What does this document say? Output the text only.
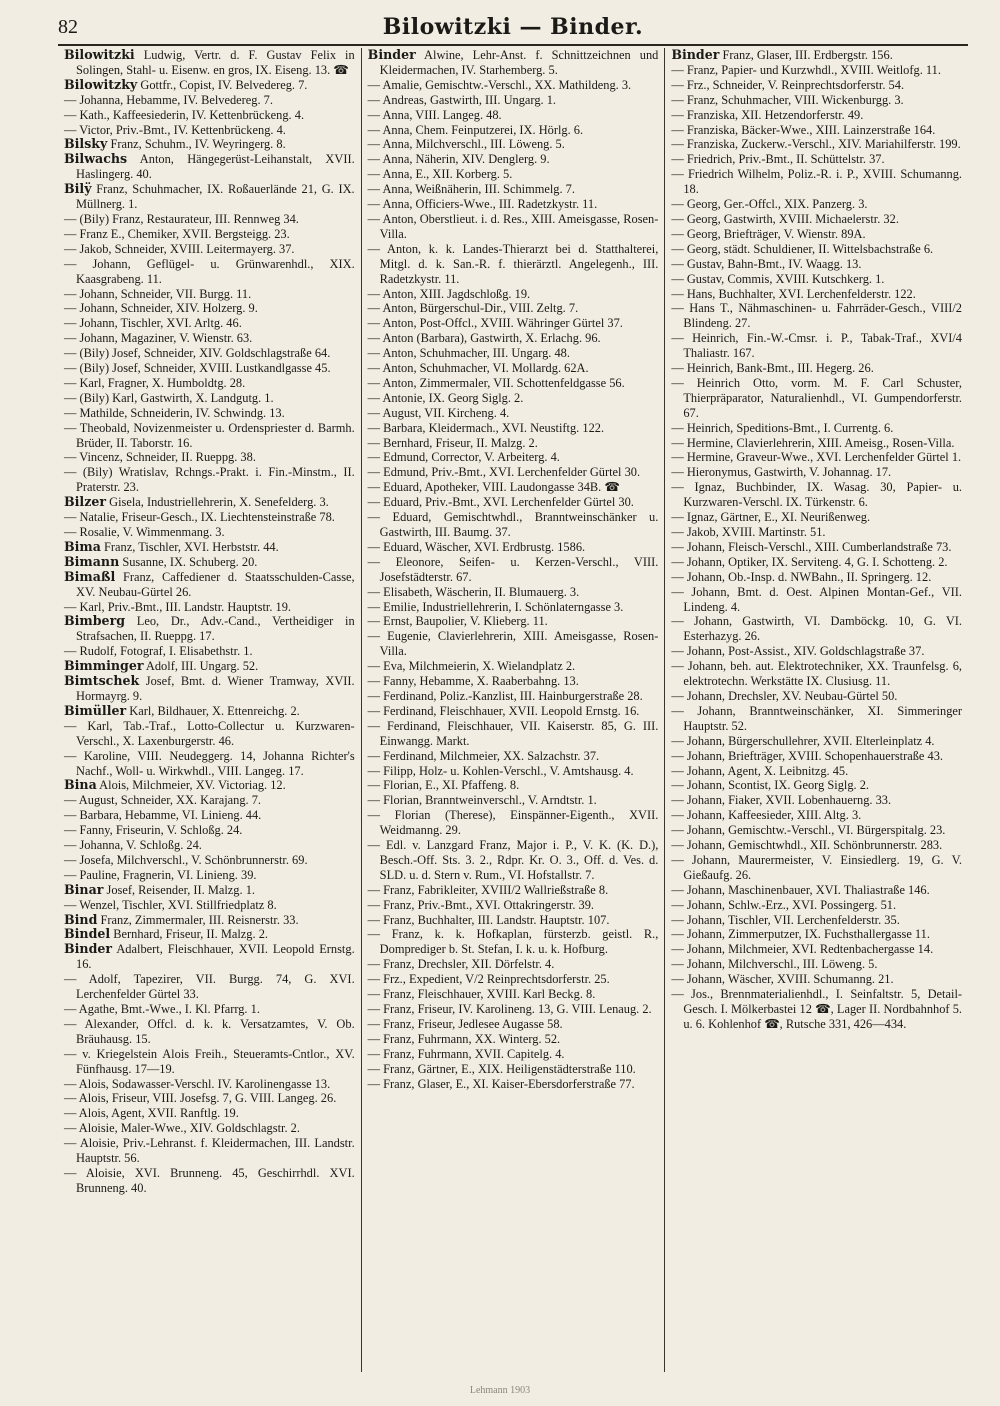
82	Bilowitzki — Binder.
Bilowitzki Ludwig, Vertr. d. F. Gustav Felix in Solingen, Stahl- u. Eisenw. en gros, IX. Eiseng. 13. ☎
Bilowitzky Gottfr., Copist, IV. Belvedereg. 7.
— Johanna, Hebamme, IV. Belvedereg. 7.
— Kath., Kaffeesiederin, IV. Kettenbrückeng. 4.
— Victor, Priv.-Bmt., IV. Kettenbrückeng. 4.
Bilsky Franz, Schuhm., IV. Weyringerg. 8.
Bilwachs Anton, Hängegerüst-Leihanstalt, XVII. Haslingerg. 40.
Bilÿ Franz, Schuhmacher, IX. Roßauerlände 21, G. IX. Müllnerg. 1.
— (Bily) Franz, Restaurateur, III. Rennweg 34.
— Franz E., Chemiker, XVII. Bergsteigg. 23.
— Jakob, Schneider, XVIII. Leitermayerg. 37.
— Johann, Geflügel- u. Grünwarenhdl., XIX. Kaasgrabeng. 11.
— Johann, Schneider, VII. Burgg. 11.
— Johann, Schneider, XIV. Holzerg. 9.
— Johann, Tischler, XVI. Arltg. 46.
— Johann, Magaziner, V. Wienstr. 63.
— (Bily) Josef, Schneider, XIV. Goldschlagstraße 64.
— (Bily) Josef, Schneider, XVIII. Lustkandlgasse 45.
— Karl, Fragner, X. Humboldtg. 28.
— (Bily) Karl, Gastwirth, X. Landgutg. 1.
— Mathilde, Schneiderin, IV. Schwindg. 13.
— Theobald, Novizenmeister u. Ordenspriester d. Barmh. Brüder, II. Taborstr. 16.
— Vincenz, Schneider, II. Rueppg. 38.
— (Bily) Wratislav, Rchngs.-Prakt. i. Fin.-Minstm., II. Praterstr. 23.
Bilzer Gisela, Industriellehrerin, X. Senefelderg. 3.
— Natalie, Friseur-Gesch., IX. Liechtensteinstraße 78.
— Rosalie, V. Wimmenmang. 3.
Bima Franz, Tischler, XVI. Herbststr. 44.
Bimann Susanne, IX. Schuberg. 20.
Bimaßl Franz, Caffediener d. Staatsschulden-Casse, XV. Neubau-Gürtel 26.
— Karl, Priv.-Bmt., III. Landstr. Hauptstr. 19.
Bimberg Leo, Dr., Adv.-Cand., Vertheidiger in Strafsachen, II. Rueppg. 17.
— Rudolf, Fotograf, I. Elisabethstr. 1.
Bimminger Adolf, III. Ungarg. 52.
Bimtschek Josef, Bmt. d. Wiener Tramway, XVII. Hormayrg. 9.
Bimüller Karl, Bildhauer, X. Ettenreichg. 2.
— Karl, Tab.-Traf., Lotto-Collectur u. Kurzwaren-Verschl., X. Laxenburgerstr. 46.
— Karoline, VIII. Neudeggerg. 14, Johanna Richter's Nachf., Woll- u. Wirkwhdl., VIII. Langeg. 17.
Bina Alois, Milchmeier, XV. Victoriag. 12.
— August, Schneider, XX. Karajang. 7.
— Barbara, Hebamme, VI. Linieng. 44.
— Fanny, Friseurin, V. Schloßg. 24.
— Johanna, V. Schloßg. 24.
— Josefa, Milchverschl., V. Schönbrunnerstr. 69.
— Pauline, Fragnerin, VI. Linieng. 39.
Binar Josef, Reisender, II. Malzg. 1.
— Wenzel, Tischler, XVI. Stillfriedplatz 8.
Bind Franz, Zimmermaler, III. Reisnerstr. 33.
Bindel Bernhard, Friseur, II. Malzg. 2.
Binder Adalbert, Fleischhauer, XVII. Leopold Ernstg. 16.
— Adolf, Tapezirer, VII. Burgg. 74, G. XVI. Lerchenfelder Gürtel 33.
— Agathe, Bmt.-Wwe., I. Kl. Pfarrg. 1.
— Alexander, Offcl. d. k. k. Versatzamtes, V. Ob. Bräuhausg. 15.
— v. Kriegelstein Alois Freih., Steueramts-Cntlor., XV. Fünfhausg. 17—19.
— Alois, Sodawasser-Verschl. IV. Karolinengasse 13.
— Alois, Friseur, VIII. Josefsg. 7, G. VIII. Langeg. 26.
— Alois, Agent, XVII. Ranftlg. 19.
— Aloisie, Maler-Wwe., XIV. Goldschlagstr. 2.
— Aloisie, Priv.-Lehranst. f. Kleidermachen, III. Landstr. Hauptstr. 56.
— Aloisie, XVI. Brunneng. 45, Geschirrhdl. XVI. Brunneng. 40.
Binder Alwine, Lehr-Anst. f. Schnittzeichnen und Kleidermachen, IV. Starhemberg. 5.
— Amalie, Gemischtw.-Verschl., XX. Mathildeng. 3.
— Andreas, Gastwirth, III. Ungarg. 1.
— Anna, VIII. Langeg. 48.
— Anna, Chem. Feinputzerei, IX. Hörlg. 6.
— Anna, Milchverschl., III. Löweng. 5.
— Anna, Näherin, XIV. Denglerg. 9.
— Anna, E., XII. Korberg. 5.
— Anna, Weißnäherin, III. Schimmelg. 7.
— Anna, Officiers-Wwe., III. Radetzkystr. 11.
— Anton, Oberstlieut. i. d. Res., XIII. Ameisgasse, Rosen-Villa.
— Anton, k. k. Landes-Thierarzt bei d. Statthalterei, Mitgl. d. k. San.-R. f. thierärztl. Angelegenh., III. Radetzkystr. 11.
— Anton, XIII. Jagdschloßg. 19.
— Anton, Bürgerschul-Dir., VIII. Zeltg. 7.
— Anton, Post-Offcl., XVIII. Währinger Gürtel 37.
— Anton (Barbara), Gastwirth, X. Erlachg. 96.
— Anton, Schuhmacher, III. Ungarg. 48.
— Anton, Schuhmacher, VI. Mollardg. 62A.
— Anton, Zimmermaler, VII. Schottenfeldgasse 56.
— Antonie, IX. Georg Siglg. 2.
— August, VII. Kircheng. 4.
— Barbara, Kleidermach., XVI. Neustiftg. 122.
— Bernhard, Friseur, II. Malzg. 2.
— Edmund, Corrector, V. Arbeiterg. 4.
— Edmund, Priv.-Bmt., XVI. Lerchenfelder Gürtel 30.
— Eduard, Apotheker, VIII. Laudongasse 34B. ☎
— Eduard, Priv.-Bmt., XVI. Lerchenfelder Gürtel 30.
— Eduard, Gemischtwhdl., Branntweinschänker u. Gastwirth, III. Baumg. 37.
— Eduard, Wäscher, XVI. Erdbrustg. 1586.
— Eleonore, Seifen- u. Kerzen-Verschl., VIII. Josefstädterstr. 67.
— Elisabeth, Wäscherin, II. Blumauerg. 3.
— Emilie, Industriellehrerin, I. Schönlaterngasse 3.
— Ernst, Baupolier, V. Klieberg. 11.
— Eugenie, Clavierlehrerin, XIII. Ameisgasse, Rosen-Villa.
— Eva, Milchmeierin, X. Wielandplatz 2.
— Fanny, Hebamme, X. Raaberbahng. 13.
— Ferdinand, Poliz.-Kanzlist, III. Hainburgerstraße 28.
— Ferdinand, Fleischhauer, XVII. Leopold Ernstg. 16.
— Ferdinand, Fleischhauer, VII. Kaiserstr. 85, G. III. Einwangg. Markt.
— Ferdinand, Milchmeier, XX. Salzachstr. 37.
— Filipp, Holz- u. Kohlen-Verschl., V. Amtshausg. 4.
— Florian, E., XI. Pfaffeng. 8.
— Florian, Branntweinverschl., V. Arndtstr. 1.
— Florian (Therese), Einspänner-Eigenth., XVII. Weidmanng. 29.
— Edl. v. Lanzgard Franz, Major i. P., V. K. (K. D.), Besch.-Off. Sts. 3. 2., Rdpr. Kr. O. 3., Off. d. Ves. d. SLD. u. d. Stern v. Rum., VI. Hofstallstr. 7.
— Franz, Fabrikleiter, XVIII/2 Wallrießstraße 8.
— Franz, Priv.-Bmt., XVI. Ottakringerstr. 39.
— Franz, Buchhalter, III. Landstr. Hauptstr. 107.
— Franz, k. k. Hofkaplan, fürsterzb. geistl. R., Domprediger b. St. Stefan, I. k. u. k. Hofburg.
— Franz, Drechsler, XII. Dörfelstr. 4.
— Frz., Expedient, V/2 Reinprechtsdorferstr. 25.
— Franz, Fleischhauer, XVIII. Karl Beckg. 8.
— Franz, Friseur, IV. Karolineng. 13, G. VIII. Lenaug. 2.
— Franz, Friseur, Jedlesee Augasse 58.
— Franz, Fuhrmann, XX. Winterg. 52.
— Franz, Fuhrmann, XVII. Capitelg. 4.
— Franz, Gärtner, E., XIX. Heiligenstädterstraße 110.
— Franz, Glaser, E., XI. Kaiser-Ebersdorferstraße 77.
Binder Franz, Glaser, III. Erdbergstr. 156.
— Franz, Papier- und Kurzwhdl., XVIII. Weitlofg. 11.
— Frz., Schneider, V. Reinprechtsdorferstr. 54.
— Franz, Schuhmacher, VIII. Wickenburgg. 3.
— Franziska, XII. Hetzendorferstr. 49.
— Franziska, Bäcker-Wwe., XIII. Lainzerstraße 164.
— Franziska, Zuckerw.-Verschl., XIV. Mariahilferstr. 199.
— Friedrich, Priv.-Bmt., II. Schüttelstr. 37.
— Friedrich Wilhelm, Poliz.-R. i. P., XVIII. Schumanng. 18.
— Georg, Ger.-Offcl., XIX. Panzerg. 3.
— Georg, Gastwirth, XVIII. Michaelerstr. 32.
— Georg, Briefträger, V. Wienstr. 89A.
— Georg, städt. Schuldiener, II. Wittelsbachstraße 6.
— Gustav, Bahn-Bmt., IV. Waagg. 13.
— Gustav, Commis, XVIII. Kutschkerg. 1.
— Hans, Buchhalter, XVI. Lerchenfelderstr. 122.
— Hans T., Nähmaschinen- u. Fahrräder-Gesch., VIII/2 Blindeng. 27.
— Heinrich, Fin.-W.-Cmsr. i. P., Tabak-Traf., XVI/4 Thaliastr. 167.
— Heinrich, Bank-Bmt., III. Hegerg. 26.
— Heinrich Otto, vorm. M. F. Carl Schuster, Thierpräparator, Naturalienhdl., VI. Gumpendorferstr. 67.
— Heinrich, Speditions-Bmt., I. Currentg. 6.
— Hermine, Clavierlehrerin, XIII. Ameisg., Rosen-Villa.
— Hermine, Graveur-Wwe., XVI. Lerchenfelder Gürtel 1.
— Hieronymus, Gastwirth, V. Johannag. 17.
— Ignaz, Buchbinder, IX. Wasag. 30, Papier- u. Kurzwaren-Verschl. IX. Türkenstr. 6.
— Ignaz, Gärtner, E., XI. Neurißenweg.
— Jakob, XVIII. Martinstr. 51.
— Johann, Fleisch-Verschl., XIII. Cumberlandstraße 73.
— Johann, Optiker, IX. Serviteng. 4, G. I. Schotteng. 2.
— Johann, Ob.-Insp. d. NWBahn., II. Springerg. 12.
— Johann, Bmt. d. Oest. Alpinen Montan-Gef., VII. Lindeng. 4.
— Johann, Gastwirth, VI. Damböckg. 10, G. VI. Esterhazyg. 26.
— Johann, Post-Assist., XIV. Goldschlagstraße 37.
— Johann, beh. aut. Elektrotechniker, XX. Traunfelsg. 6, elektrotechn. Werkstätte IX. Clusiusg. 11.
— Johann, Drechsler, XV. Neubau-Gürtel 50.
— Johann, Branntweinschänker, XI. Simmeringer Hauptstr. 52.
— Johann, Bürgerschullehrer, XVII. Elterleinplatz 4.
— Johann, Briefträger, XVIII. Schopenhauerstraße 43.
— Johann, Agent, X. Leibnitzg. 45.
— Johann, Scontist, IX. Georg Siglg. 2.
— Johann, Fiaker, XVII. Lobenhauerng. 33.
— Johann, Kaffeesieder, XIII. Altg. 3.
— Johann, Gemischtw.-Verschl., VI. Bürgerspitalg. 23.
— Johann, Gemischtwhdl., XII. Schönbrunnerstr. 283.
— Johann, Maurermeister, V. Einsiedlerg. 19, G. V. Gießaufg. 26.
— Johann, Maschinenbauer, XVI. Thaliastraße 146.
— Johann, Schlw.-Erz., XVI. Possingerg. 51.
— Johann, Tischler, VII. Lerchenfelderstr. 35.
— Johann, Zimmerputzer, IX. Fuchsthallergasse 11.
— Johann, Milchmeier, XVI. Redtenbachergasse 14.
— Johann, Milchverschl., III. Löweng. 5.
— Johann, Wäscher, XVIII. Schumanng. 21.
— Jos., Brennmaterialienhdl., I. Seinfaltstr. 5, Detail-Gesch. I. Mölkerbastei 12 ☎, Lager II. Nordbahnhof 5. u. 6. Kohlenhof ☎, Rutsche 331, 426—434.
Lehmann 1903
